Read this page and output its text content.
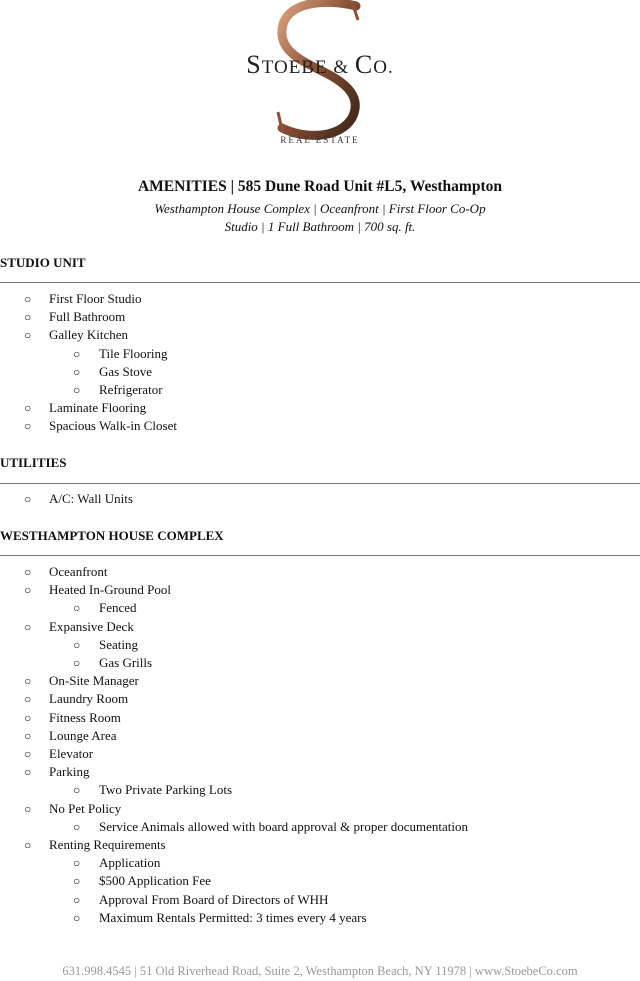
STOEBE & CO.
REAL ESTATE
AMENITIES | 585 Dune Road Unit #L5, Westhampton
Westhampton House Complex | Oceanfront | First Floor Co-Op
Studio | 1 Full Bathroom | 700 sq. ft.
STUDIO UNIT
○ First Floor Studio
○ Full Bathroom
○ Galley Kitchen
○ Tile Flooring
○ Gas Stove
○ Refrigerator
○ Laminate Flooring
○ Spacious Walk-in Closet
UTILITIES
○ A/C: Wall Units
WESTHAMPTON HOUSE COMPLEX
○ Oceanfront
○ Heated In-Ground Pool
○ Fenced
○ Expansive Deck
○ Seating
○ Gas Grills
○ On-Site Manager
○ Laundry Room
○ Fitness Room
○ Lounge Area
○ Elevator
○ Parking
○ Two Private Parking Lots
○ No Pet Policy
○ Service Animals allowed with board approval & proper documentation
○ Renting Requirements
○ Application
○ $500 Application Fee
○ Approval From Board of Directors of WHH
○ Maximum Rentals Permitted: 3 times every 4 years
631.998.4545 | 51 Old Riverhead Road, Suite 2, Westhampton Beach, NY 11978 | www.StoebeCo.com
